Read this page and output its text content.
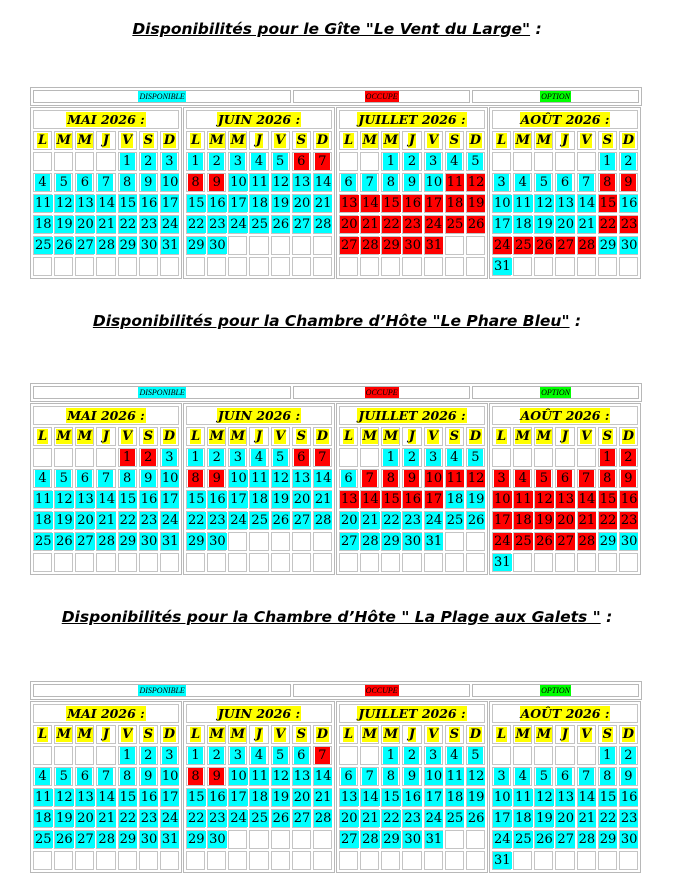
Disponibilités pour le Gîte "Le Vent du Large" :
DISPONIBLE	OCCUPE	OPTION
MAI 2026 :						
L	M	M	J	V	S	D
				1	2	3
4	5	6	7	8	9	10
11	12	13	14	15	16	17
18	19	20	21	22	23	24
25	26	27	28	29	30	31

JUIN 2026 :						
L	M	M	J	V	S	D
1	2	3	4	5	6	7
8	9	10	11	12	13	14
15	16	17	18	19	20	21
22	23	24	25	26	27	28
29	30					

JUILLET 2026 :						
L	M	M	J	V	S	D
		1	2	3	4	5
6	7	8	9	10	11	12
13	14	15	16	17	18	19
20	21	22	23	24	25	26
27	28	29	30	31		

AOÛT 2026 :						
L	M	M	J	V	S	D
					1	2
3	4	5	6	7	8	9
10	11	12	13	14	15	16
17	18	19	20	21	22	23
24	25	26	27	28	29	30
31						
Disponibilités pour la Chambre d’Hôte "Le Phare Bleu" :
DISPONIBLE	OCCUPE	OPTION
MAI 2026 :						
L	M	M	J	V	S	D
				1	2	3
4	5	6	7	8	9	10
11	12	13	14	15	16	17
18	19	20	21	22	23	24
25	26	27	28	29	30	31

JUIN 2026 :						
L	M	M	J	V	S	D
1	2	3	4	5	6	7
8	9	10	11	12	13	14
15	16	17	18	19	20	21
22	23	24	25	26	27	28
29	30					

JUILLET 2026 :						
L	M	M	J	V	S	D
		1	2	3	4	5
6	7	8	9	10	11	12
13	14	15	16	17	18	19
20	21	22	23	24	25	26
27	28	29	30	31		

AOÛT 2026 :						
L	M	M	J	V	S	D
					1	2
3	4	5	6	7	8	9
10	11	12	13	14	15	16
17	18	19	20	21	22	23
24	25	26	27	28	29	30
31						
Disponibilités pour la Chambre d’Hôte " La Plage aux Galets " :
DISPONIBLE	OCCUPE	OPTION
MAI 2026 :						
L	M	M	J	V	S	D
				1	2	3
4	5	6	7	8	9	10
11	12	13	14	15	16	17
18	19	20	21	22	23	24
25	26	27	28	29	30	31

JUIN 2026 :						
L	M	M	J	V	S	D
1	2	3	4	5	6	7
8	9	10	11	12	13	14
15	16	17	18	19	20	21
22	23	24	25	26	27	28
29	30					

JUILLET 2026 :						
L	M	M	J	V	S	D
		1	2	3	4	5
6	7	8	9	10	11	12
13	14	15	16	17	18	19
20	21	22	23	24	25	26
27	28	29	30	31		

AOÛT 2026 :						
L	M	M	J	V	S	D
					1	2
3	4	5	6	7	8	9
10	11	12	13	14	15	16
17	18	19	20	21	22	23
24	25	26	27	28	29	30
31						
